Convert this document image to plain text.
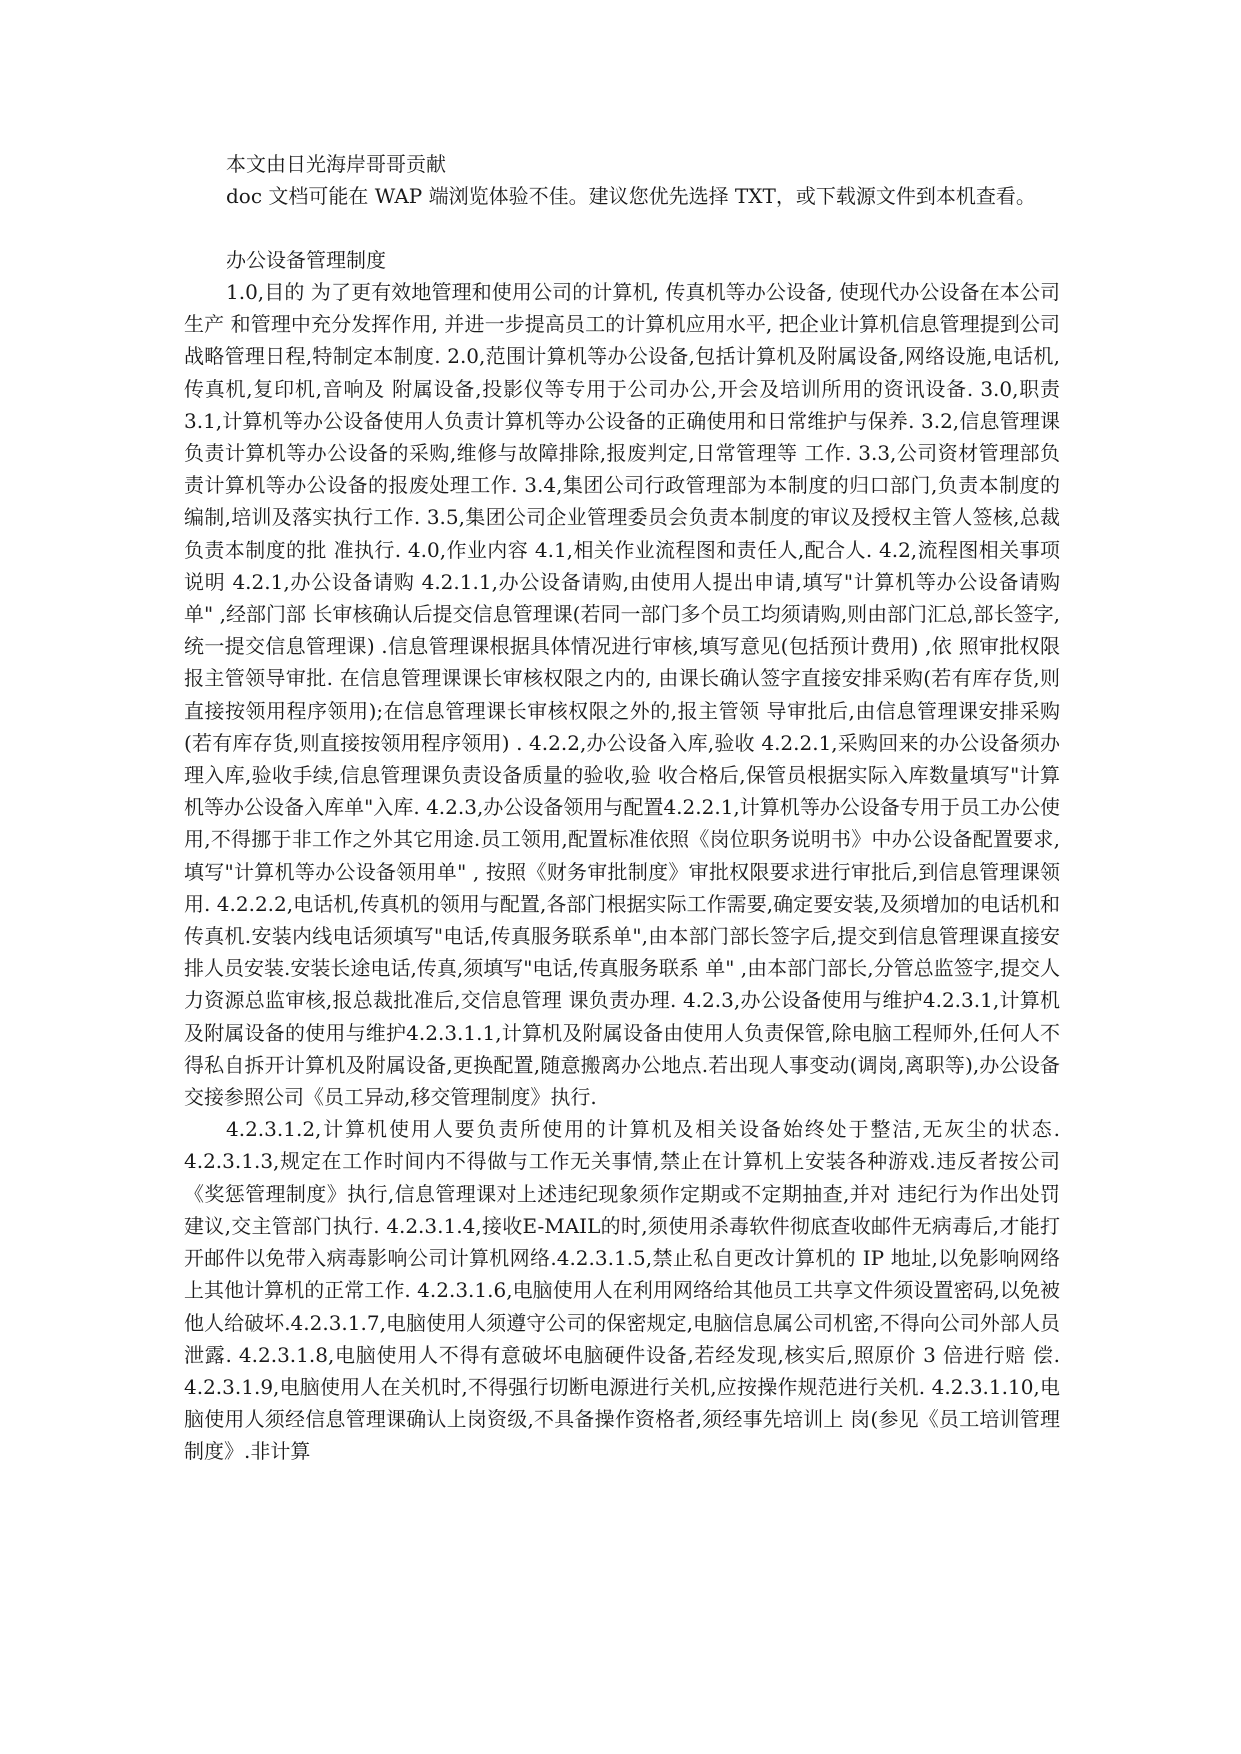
本文由日光海岸哥哥贡献
doc 文档可能在 WAP 端浏览体验不佳。建议您优先选择 TXT，或下载源文件到本机查看。
办公设备管理制度

1.0,目的 为了更有效地管理和使用公司的计算机, 传真机等办公设备, 使现代办公设备在本公司生产 和管理中充分发挥作用, 并进一步提高员工的计算机应用水平, 把企业计算机信息管理提到公司战略管理日程,特制定本制度. 2.0,范围计算机等办公设备,包括计算机及附属设备,网络设施,电话机,传真机,复印机,音响及 附属设备,投影仪等专用于公司办公,开会及培训所用的资讯设备. 3.0,职责 3.1,计算机等办公设备使用人负责计算机等办公设备的正确使用和日常维护与保养. 3.2,信息管理课负责计算机等办公设备的采购,维修与故障排除,报废判定,日常管理等 工作. 3.3,公司资材管理部负责计算机等办公设备的报废处理工作. 3.4,集团公司行政管理部为本制度的归口部门,负责本制度的编制,培训及落实执行工作. 3.5,集团公司企业管理委员会负责本制度的审议及授权主管人签核,总裁负责本制度的批 准执行. 4.0,作业内容 4.1,相关作业流程图和责任人,配合人. 4.2,流程图相关事项说明 4.2.1,办公设备请购 4.2.1.1,办公设备请购,由使用人提出申请,填写"计算机等办公设备请购单" ,经部门部 长审核确认后提交信息管理课(若同一部门多个员工均须请购,则由部门汇总,部长签字, 统一提交信息管理课) .信息管理课根据具体情况进行审核,填写意见(包括预计费用) ,依 照审批权限报主管领导审批. 在信息管理课课长审核权限之内的, 由课长确认签字直接安排采购(若有库存货,则直接按领用程序领用);在信息管理课长审核权限之外的,报主管领 导审批后,由信息管理课安排采购(若有库存货,则直接按领用程序领用) . 4.2.2,办公设备入库,验收 4.2.2.1,采购回来的办公设备须办理入库,验收手续,信息管理课负责设备质量的验收,验 收合格后,保管员根据实际入库数量填写"计算机等办公设备入库单"入库. 4.2.3,办公设备领用与配置4.2.2.1,计算机等办公设备专用于员工办公使用,不得挪于非工作之外其它用途.员工领用,配置标准依照《岗位职务说明书》中办公设备配置要求,填写"计算机等办公设备领用单" , 按照《财务审批制度》审批权限要求进行审批后,到信息管理课领用. 4.2.2.2,电话机,传真机的领用与配置,各部门根据实际工作需要,确定要安装,及须增加的电话机和传真机.安装内线电话须填写"电话,传真服务联系单",由本部门部长签字后,提交到信息管理课直接安排人员安装.安装长途电话,传真,须填写"电话,传真服务联系 单" ,由本部门部长,分管总监签字,提交人力资源总监审核,报总裁批准后,交信息管理 课负责办理. 4.2.3,办公设备使用与维护4.2.3.1,计算机及附属设备的使用与维护4.2.3.1.1,计算机及附属设备由使用人负责保管,除电脑工程师外,任何人不得私自拆开计算机及附属设备,更换配置,随意搬离办公地点.若出现人事变动(调岗,离职等),办公设备交接参照公司《员工异动,移交管理制度》执行.

4.2.3.1.2,计算机使用人要负责所使用的计算机及相关设备始终处于整洁,无灰尘的状态. 4.2.3.1.3,规定在工作时间内不得做与工作无关事情,禁止在计算机上安装各种游戏.违反者按公司《奖惩管理制度》执行,信息管理课对上述违纪现象须作定期或不定期抽查,并对 违纪行为作出处罚建议,交主管部门执行. 4.2.3.1.4,接收E-MAIL的时,须使用杀毒软件彻底查收邮件无病毒后,才能打开邮件以免带入病毒影响公司计算机网络.4.2.3.1.5,禁止私自更改计算机的 IP 地址,以免影响网络上其他计算机的正常工作. 4.2.3.1.6,电脑使用人在利用网络给其他员工共享文件须设置密码,以免被他人给破坏.4.2.3.1.7,电脑使用人须遵守公司的保密规定,电脑信息属公司机密,不得向公司外部人员 泄露. 4.2.3.1.8,电脑使用人不得有意破坏电脑硬件设备,若经发现,核实后,照原价 3 倍进行赔 偿. 4.2.3.1.9,电脑使用人在关机时,不得强行切断电源进行关机,应按操作规范进行关机. 4.2.3.1.10,电脑使用人须经信息管理课确认上岗资级,不具备操作资格者,须经事先培训上 岗(参见《员工培训管理制度》.非计算
